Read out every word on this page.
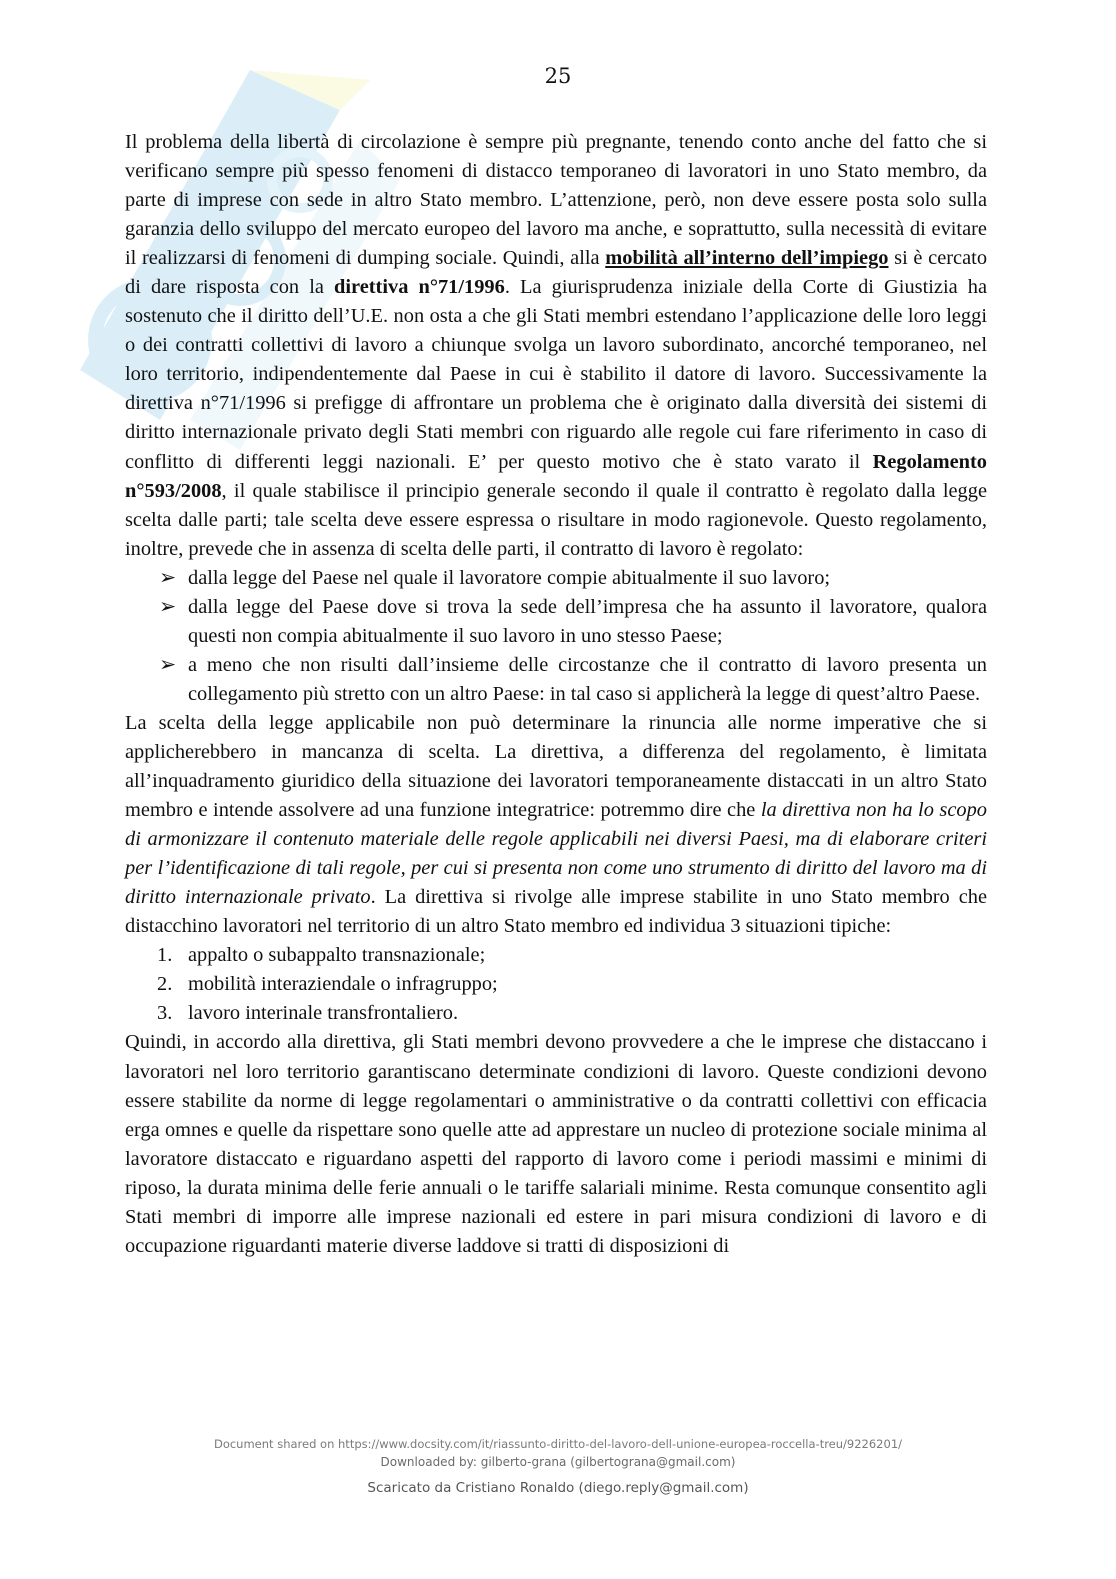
25

Il problema della libertà di circolazione è sempre più pregnante, tenendo conto anche del fatto che si verificano sempre più spesso fenomeni di distacco temporaneo di lavoratori in uno Stato membro, da parte di imprese con sede in altro Stato membro. L’attenzione, però, non deve essere posta solo sulla garanzia dello sviluppo del mercato europeo del lavoro ma anche, e soprattutto, sulla necessità di evitare il realizzarsi di fenomeni di dumping sociale. Quindi, alla mobilità all’interno dell’impiego si è cercato di dare risposta con la direttiva n°71/1996. La giurisprudenza iniziale della Corte di Giustizia ha sostenuto che il diritto dell’U.E. non osta a che gli Stati membri estendano l’applicazione delle loro leggi o dei contratti collettivi di lavoro a chiunque svolga un lavoro subordinato, ancorché temporaneo, nel loro territorio, indipendentemente dal Paese in cui è stabilito il datore di lavoro. Successivamente la direttiva n°71/1996 si prefigge di affrontare un problema che è originato dalla diversità dei sistemi di diritto internazionale privato degli Stati membri con riguardo alle regole cui fare riferimento in caso di conflitto di differenti leggi nazionali. E’ per questo motivo che è stato varato il Regolamento n°593/2008, il quale stabilisce il principio generale secondo il quale il contratto è regolato dalla legge scelta dalle parti; tale scelta deve essere espressa o risultare in modo ragionevole. Questo regolamento, inoltre, prevede che in assenza di scelta delle parti, il contratto di lavoro è regolato:

➢ dalla legge del Paese nel quale il lavoratore compie abitualmente il suo lavoro;
➢ dalla legge del Paese dove si trova la sede dell’impresa che ha assunto il lavoratore, qualora questi non compia abitualmente il suo lavoro in uno stesso Paese;
➢ a meno che non risulti dall’insieme delle circostanze che il contratto di lavoro presenta un collegamento più stretto con un altro Paese: in tal caso si applicherà la legge di quest’altro Paese.

La scelta della legge applicabile non può determinare la rinuncia alle norme imperative che si applicherebbero in mancanza di scelta. La direttiva, a differenza del regolamento, è limitata all’inquadramento giuridico della situazione dei lavoratori temporaneamente distaccati in un altro Stato membro e intende assolvere ad una funzione integratrice: potremmo dire che la direttiva non ha lo scopo di armonizzare il contenuto materiale delle regole applicabili nei diversi Paesi, ma di elaborare criteri per l’identificazione di tali regole, per cui si presenta non come uno strumento di diritto del lavoro ma di diritto internazionale privato. La direttiva si rivolge alle imprese stabilite in uno Stato membro che distacchino lavoratori nel territorio di un altro Stato membro ed individua 3 situazioni tipiche:

1. appalto o subappalto transnazionale;
2. mobilità interaziendale o infragruppo;
3. lavoro interinale transfrontaliero.

Quindi, in accordo alla direttiva, gli Stati membri devono provvedere a che le imprese che distaccano i lavoratori nel loro territorio garantiscano determinate condizioni di lavoro. Queste condizioni devono essere stabilite da norme di legge regolamentari o amministrative o da contratti collettivi con efficacia erga omnes e quelle da rispettare sono quelle atte ad apprestare un nucleo di protezione sociale minima al lavoratore distaccato e riguardano aspetti del rapporto di lavoro come i periodi massimi e minimi di riposo, la durata minima delle ferie annuali o le tariffe salariali minime. Resta comunque consentito agli Stati membri di imporre alle imprese nazionali ed estere in pari misura condizioni di lavoro e di occupazione riguardanti materie diverse laddove si tratti di disposizioni di

Document shared on https://www.docsity.com/it/riassunto-diritto-del-lavoro-dell-unione-europea-roccella-treu/9226201/
Downloaded by: gilberto-grana (gilbertograna@gmail.com)
Scaricato da Cristiano Ronaldo (diego.reply@gmail.com)
